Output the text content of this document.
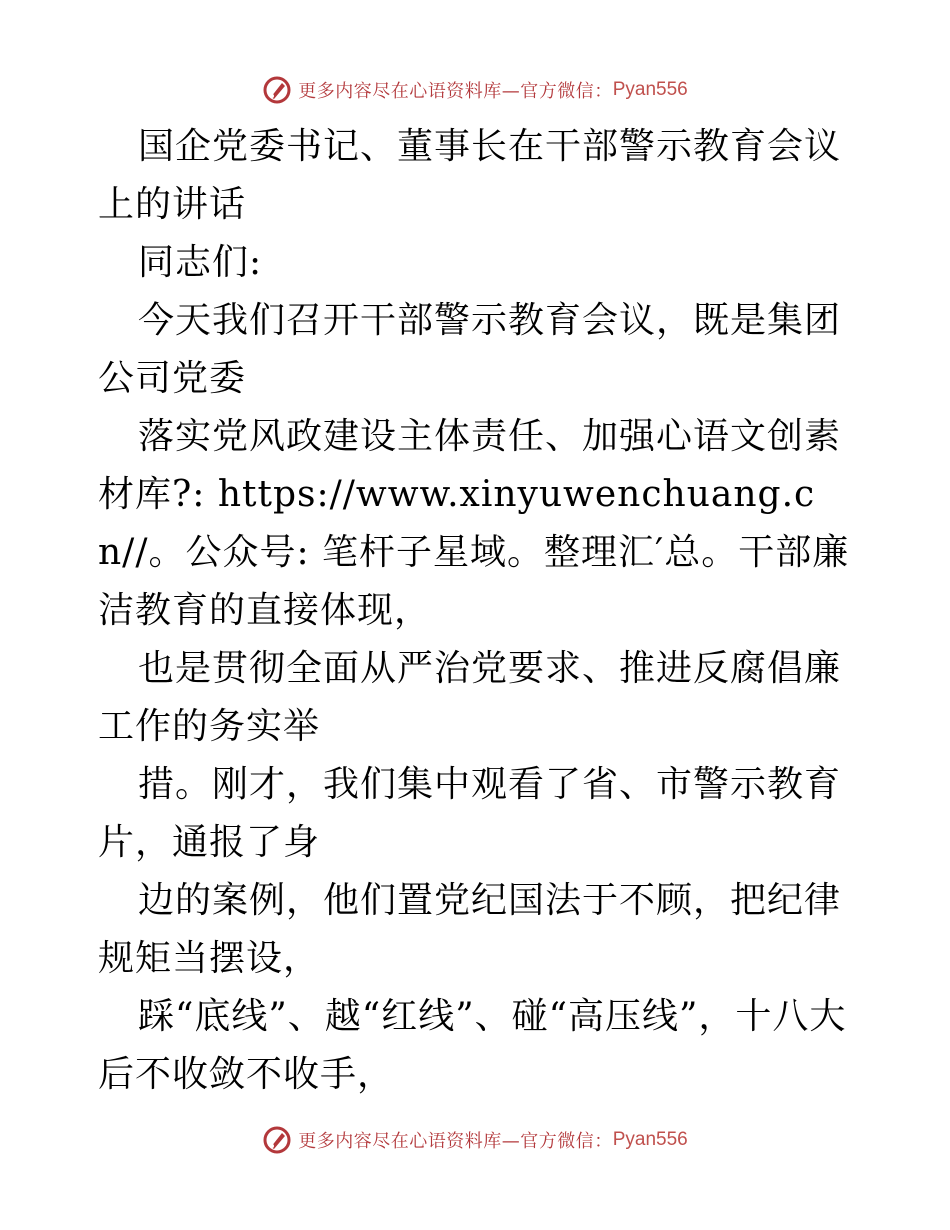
更多内容尽在心语资料库—官方微信： Pyan556

国企党委书记、董事长在干部警示教育会议上的讲话

同志们:

今天我们召开干部警示教育会议，既是集团公司党委

落实党风政建设主体责任、加强心语文创素材库?: https://www.xinyuwenchuang.cn//。公众号: 笔杆子星域。整理汇′总。干部廉洁教育的直接体现，

也是贯彻全面从严治党要求、推进反腐倡廉工作的务实举

措。刚才，我们集中观看了省、市警示教育片，通报了身

边的案例，他们置党纪国法于不顾，把纪律规矩当摆设，

踩“底线”、越“红线”、碰“高压线”，十八大后不收敛不收手，

更多内容尽在心语资料库—官方微信： Pyan556
